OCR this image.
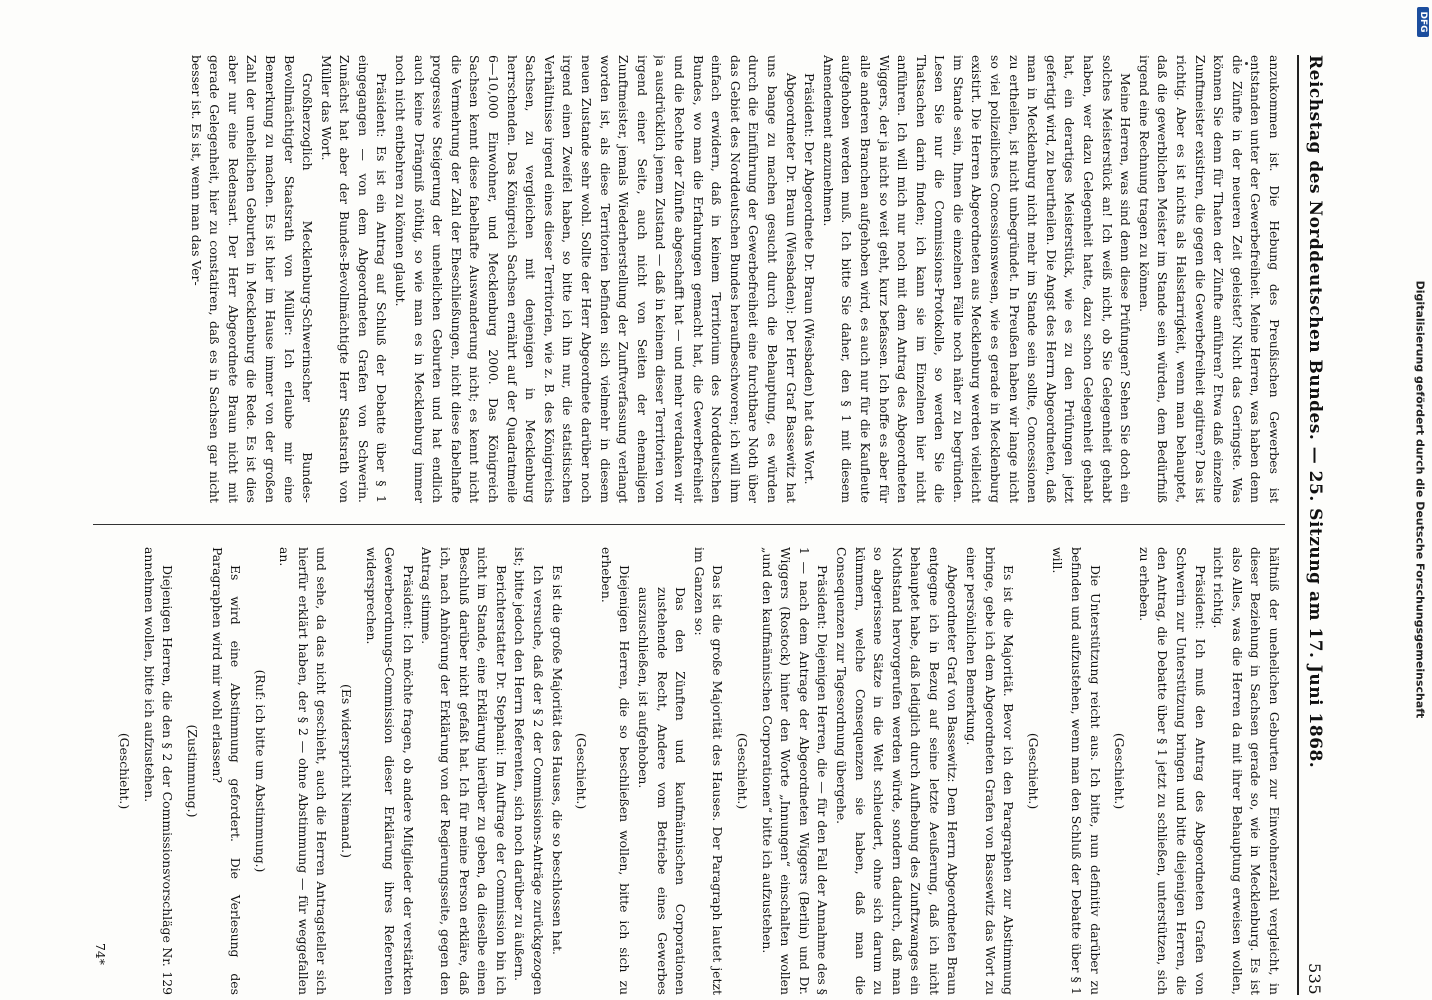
Reichstag des Norddeutschen Bundes. — 25. Sitzung am 17. Juni 1868.
535

anzukommen ist. Die Hebung des Preußischen Gewerbes ist entstanden unter der Gewerbefreiheit. Meine Herren, was haben denn die Zünfte in der neueren Zeit geleistet? Nicht das Geringste. Was können Sie denn für Thaten der Zünfte anführen? Etwa daß einzelne Zunftmeister existiren, die gegen die Gewerbefreiheit agitiren? Das ist richtig. Aber es ist nichts als Halsstarrigkeit, wenn man behauptet, daß die gewerblichen Meister im Stande sein würden, dem Bedürfniß irgend eine Rechnung tragen zu können.

Meine Herren, was sind denn diese Prüfungen? Sehen Sie doch ein solches Meisterstück an! Ich weiß nicht, ob Sie Gelegenheit gehabt haben, wer dazu Gelegenheit hatte, dazu schon Gelegenheit gehabt hat, ein derartiges Meisterstück, wie es zu den Prüfungen jetzt gefertigt wird, zu beurtheilen. Die Angst des Herrn Abgeordneten, daß man in Mecklenburg nicht mehr im Stande sein sollte, Concessionen zu ertheilen, ist nicht unbegründet. In Preußen haben wir lange nicht so viel polizeiliches Concessionswesen, wie es gerade in Mecklenburg existirt. Die Herren Abgeordneten aus Mecklenburg werden vielleicht im Stande sein, Ihnen die einzelnen Fälle noch näher zu begründen. Lesen Sie nur die Commissions-Protokolle, so werden Sie die Thatsachen darin finden; ich kann sie im Einzelnen hier nicht anführen. Ich will mich nur noch mit dem Antrag des Abgeordneten Wiggers, der ja nicht so weit geht, kurz befassen. Ich hoffe es aber für alle anderen Branchen aufgehoben wird, es auch nur für die Kaufleute aufgehoben werden muß. Ich bitte Sie daher, den § 1 mit diesem Amendement anzunehmen.

Präsident: Der Abgeordnete Dr. Braun (Wiesbaden) hat das Wort.

Abgeordneter Dr. Braun (Wiesbaden): Der Herr Graf Bassewitz hat uns bange zu machen gesucht durch die Behauptung, es würden durch die Einführung der Gewerbefreiheit eine furchtbare Noth über das Gebiet des Norddeutschen Bundes heraufbeschworen; ich will ihm einfach erwidern, daß in keinem Territorium des Norddeutschen Bundes, wo man die Erfahrungen gemacht hat, die Gewerbefreiheit und die Rechte der Zünfte abgeschafft hat — und mehr verdanken wir ja ausdrücklich jenem Zustand — daß in keinem dieser Territorien von irgend einer Seite, auch nicht von Seiten der ehemaligen Zunftmeister, jemals Wiederherstellung der Zunftverfassung verlangt worden ist, als diese Territorien befinden sich vielmehr in diesem neuen Zustande sehr wohl. Sollte der Herr Abgeordnete darüber noch irgend einen Zweifel haben, so bitte ich ihn nur, die statistischen Verhältnisse irgend eines dieser Territorien, wie z. B. des Königreichs Sachsen, zu vergleichen mit denjenigen in Mecklenburg herrschenden. Das Königreich Sachsen ernährt auf der Quadratmeile 6—10,000 Einwohner, und Mecklenburg 2000. Das Königreich Sachsen kennt diese fabelhafte Auswanderung nicht; es kennt nicht die Vermehrung der Zahl der Eheschließungen, nicht diese fabelhafte progressive Steigerung der unehelichen Geburten und hat endlich auch keine Drängniß nöthig, so wie man es in Mecklenburg immer noch nicht entbehren zu können glaubt.

Präsident: Es ist ein Antrag auf Schluß der Debatte über § 1 eingegangen — von dem Abgeordneten Grafen von Schwerin. Zunächst hat aber der Bundes-Bevollmächtigte Herr Staatsrath von Müller das Wort.

Großherzoglich Mecklenburg-Schwerinscher Bundes-Bevollmächtigter Staatsrath von Müller: Ich erlaube mir eine Bemerkung zu machen. Es ist hier im Hause immer von der großen Zahl der unehelichen Geburten in Mecklenburg die Rede. Es ist dies aber nur eine Redensart. Der Herr Abgeordnete Braun nicht mit gerade Gelegenheit, hier zu constatiren, daß es in Sachsen gar nicht besser ist. Es ist, wenn man das Ver-

hältniß der unehelichen Geburten zur Einwohnerzahl vergleicht, in dieser Beziehung in Sachsen gerade so, wie in Mecklenburg. Es ist also Alles, was die Herren da mit ihrer Behauptung erweisen wollen, nicht richtig.

Präsident: Ich muß den Antrag des Abgeordneten Grafen von Schwerin zur Unterstützung bringen und bitte diejenigen Herren, die den Antrag, die Debatte über § 1 jetzt zu schließen, unterstützen, sich zu erheben.

(Geschieht.)

Die Unterstützung reicht aus. Ich bitte, nun definitiv darüber zu befinden und aufzustehen, wenn man den Schluß der Debatte über § 1 will.

(Geschieht.)

Es ist die Majorität. Bevor ich den Paragraphen zur Abstimmung bringe, gebe ich dem Abgeordneten Grafen von Bassewitz das Wort zu einer persönlichen Bemerkung.

Abgeordneter Graf von Bassewitz: Dem Herrn Abgeordneten Braun entgegne ich in Bezug auf seine letzte Aeußerung, daß ich nicht behauptet habe, daß lediglich durch Aufhebung des Zunftzwanges ein Nothstand hervorgerufen werden würde, sondern dadurch, daß man so abgerissene Sätze in die Welt schleudert, ohne sich darum zu kümmern, welche Consequenzen sie haben, daß man die Consequenzen zur Tagesordnung übergehe.

Präsident: Diejenigen Herren, die — für den Fall der Annahme des § 1 — nach dem Antrage der Abgeordneten Wiggers (Berlin) und Dr. Wiggers (Rostock) hinter den Worte „Innungen“ einschalten wollen „und den kaufmännischen Corporationen“ bitte ich aufzustehen.

(Geschieht.)

Das ist die große Majorität des Hauses. Der Paragraph lautet jetzt im Ganzen so:

Das den Zünften und kaufmännischen Corporationen zustehende Recht, Andere vom Betriebe eines Gewerbes auszuschließen, ist aufgehoben.

Diejenigen Herren, die so beschließen wollen, bitte ich sich zu erheben.

(Geschieht.)

Es ist die große Majorität des Hauses, die so beschlossen hat.

Ich versuche, daß der § 2 der Commissions-Anträge zurückgezogen ist; bitte jedoch den Herrn Referenten, sich noch darüber zu äußern.

Berichterstatter Dr. Stephani: Im Auftrage der Commission bin ich nicht im Stande, eine Erklärung hierüber zu geben, da dieselbe einen Beschluß darüber nicht gefaßt hat. Ich für meine Person erkläre, daß ich, nach Anhörung der Erklärung von der Regierungsseite, gegen den Antrag stimme.

Präsident: Ich möchte fragen, ob andere Mitglieder der verstärkten Gewerbeordnungs-Commission dieser Erklärung ihres Referenten widersprechen.

(Es widerspricht Niemand.)

und sehe, da das nicht geschieht, auch die Herren Antragsteller sich hierfür erklärt haben, der § 2 — ohne Abstimmung — für weggefallen an.

(Ruf: ich bitte um Abstimmung.)

Es wird eine Abstimmung gefordert. Die Verlesung des Paragraphen wird mir wohl erlassen?

(Zustimmung.)

Diejenigen Herren, die den § 2 der Commissionsvorschläge Nr. 129 annehmen wollen, bitte ich aufzustehen.

(Geschieht.)

74*

Digitalisierung gefördert durch die Deutsche Forschungsgemeinschaft
DFG
